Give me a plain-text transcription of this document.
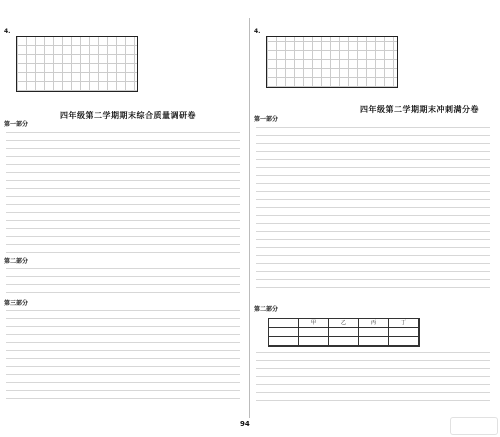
4.
四年级第二学期期末综合质量调研卷
第一部分
第二部分
第三部分
4.
四年级第二学期期末冲刺满分卷
第一部分
第二部分
甲	乙	丙	丁
94
